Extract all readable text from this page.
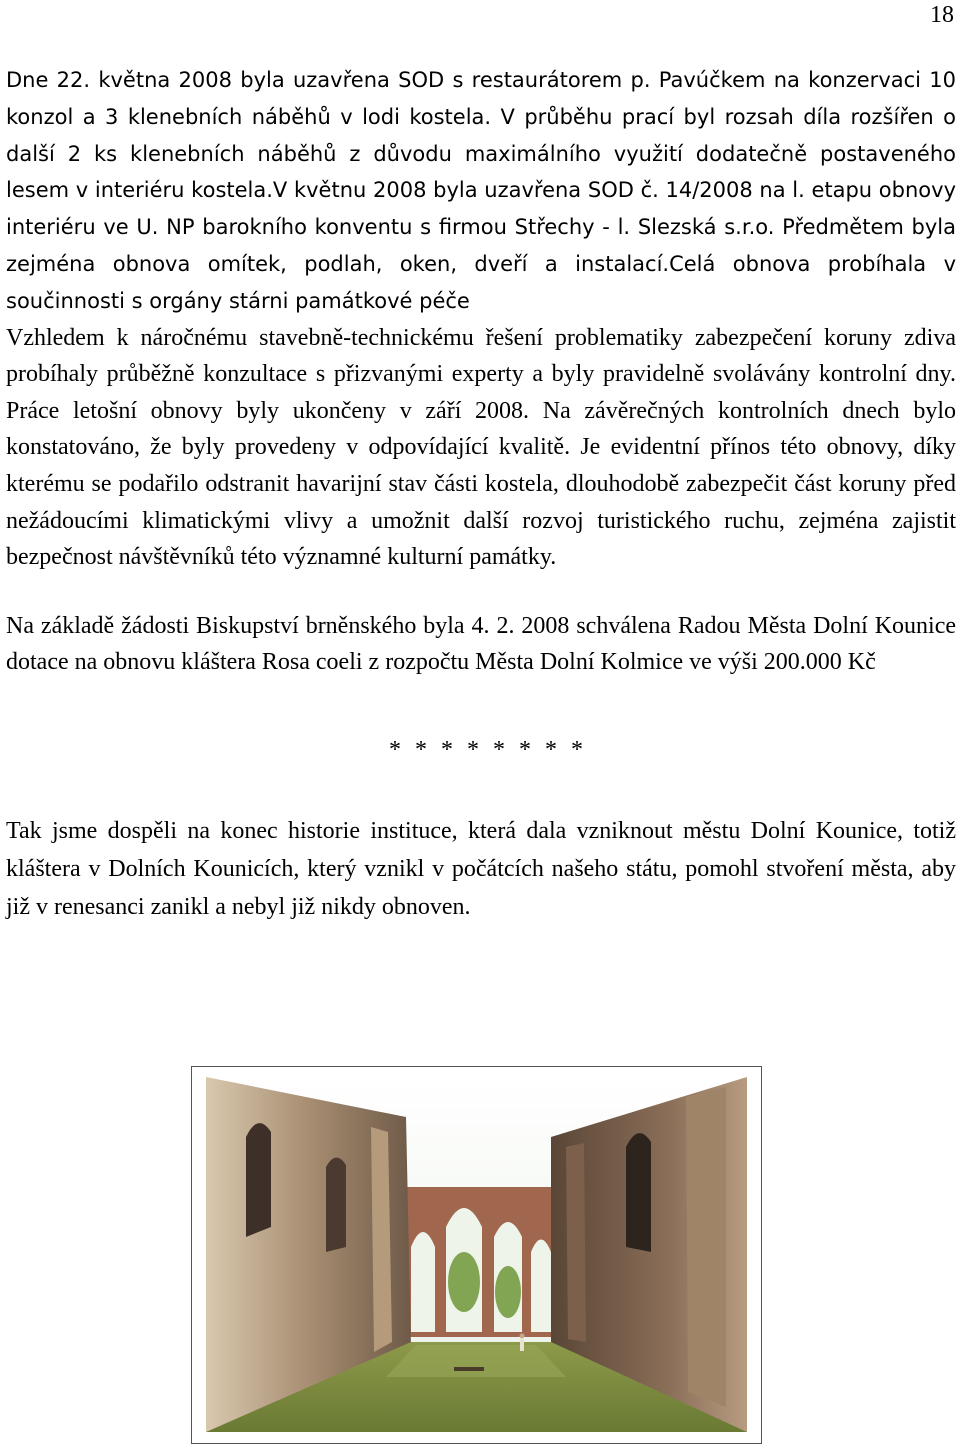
18

Dne 22. května 2008 byla uzavřena SOD s restaurátorem p. Pavúčkem na konzervaci 10 konzol a 3 klenebních náběhů v lodi kostela. V průběhu prací byl rozsah díla rozšířen o další 2 ks klenebních náběhů z důvodu maximálního využití dodatečně postaveného lesem v interiéru kostela.V květnu 2008 byla uzavřena SOD č. 14/2008 na l. etapu obnovy interiéru ve U. NP barokního konventu s firmou Střechy - l. Slezská s.r.o. Předmětem byla zejména obnova omítek, podlah, oken, dveří a instalací.Celá obnova probíhala v součinnosti s orgány stárni památkové péče

Vzhledem k náročnému stavebně-technickému řešení problematiky zabezpečení koruny zdiva probíhaly průběžně konzultace s přizvanými experty a byly pravidelně svolávány kontrolní dny. Práce letošní obnovy byly ukončeny v září 2008. Na závěrečných kontrolních dnech bylo konstatováno, že byly provedeny v odpovídající kvalitě. Je evidentní přínos této obnovy, díky kterému se podařilo odstranit havarijní stav části kostela, dlouhodobě zabezpečit část koruny před nežádoucími klimatickými vlivy a umožnit další rozvoj turistického ruchu, zejména zajistit bezpečnost návštěvníků této významné kulturní památky.

Na základě žádosti Biskupství brněnského byla 4. 2. 2008 schválena Radou Města Dolní Kounice dotace na obnovu kláštera Rosa coeli z rozpočtu Města Dolní Kolmice ve výši 200.000 Kč

* * * * * * * *

Tak jsme dospěli na konec historie instituce, která dala vzniknout městu Dolní Kounice, totiž kláštera v Dolních Kounicích, který vznikl v počátcích našeho státu, pomohl stvoření města, aby již v renesanci zanikl a nebyl již nikdy obnoven.
